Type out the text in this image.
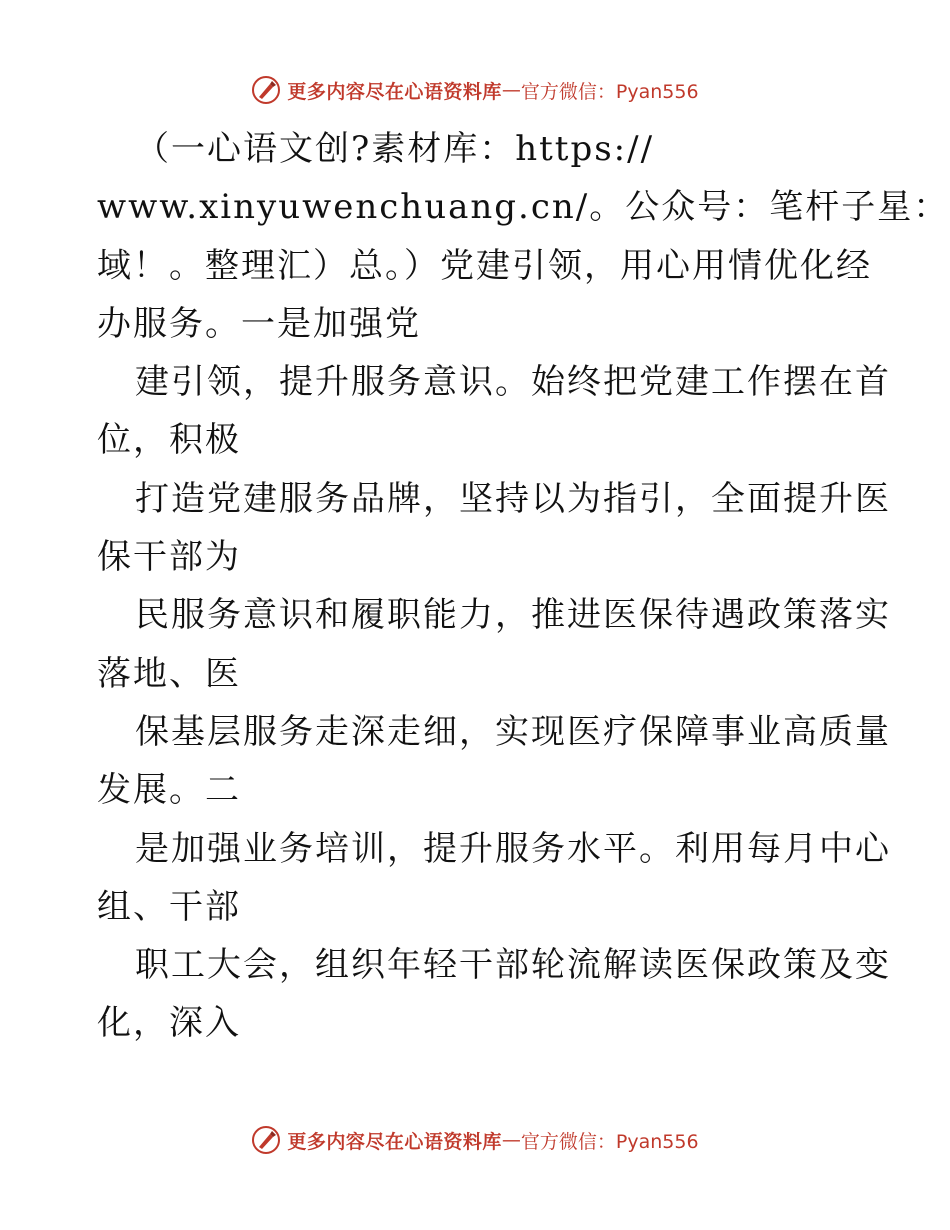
更多内容尽在心语资料库 — 官方微信：Pyan556
（一心语文创?素材库：https://
www.xinyuwenchuang.cn/。公众号：笔杆子星：
域！。整理汇）总。）党建引领，用心用情优化经
办服务。一是加强党
建引领，提升服务意识。始终把党建工作摆在首
位，积极
打造党建服务品牌，坚持以为指引，全面提升医
保干部为
民服务意识和履职能力，推进医保待遇政策落实
落地、医
保基层服务走深走细，实现医疗保障事业高质量
发展。二
是加强业务培训，提升服务水平。利用每月中心
组、干部
职工大会，组织年轻干部轮流解读医保政策及变
化，深入
更多内容尽在心语资料库 — 官方微信：Pyan556
